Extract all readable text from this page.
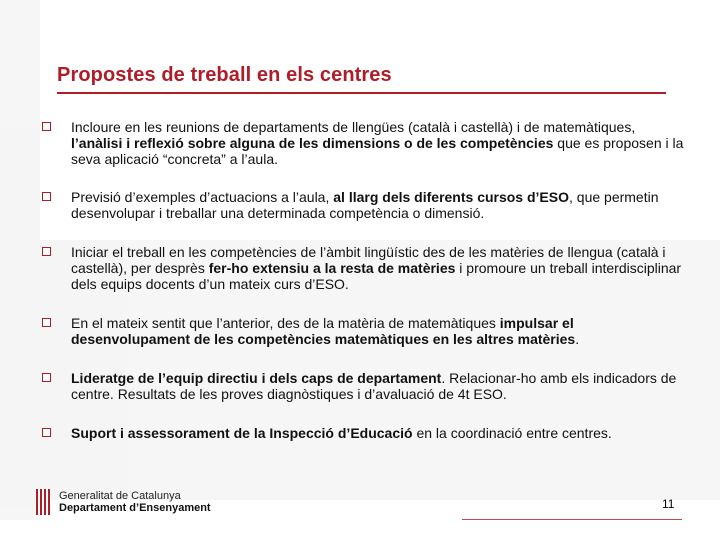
Propostes de treball en els centres
Incloure en les reunions de departaments de llengües (català i castellà) i de matemàtiques, l’anàlisi i reflexió sobre alguna de les dimensions o de les competències que es proposen i la seva aplicació “concreta” a l’aula.
Previsió d’exemples d’actuacions a l’aula, al llarg dels diferents cursos d’ESO, que permetin desenvolupar i treballar una determinada competència o dimensió.
Iniciar el treball en les competències de l’àmbit lingüístic des de les matèries de llengua (català i castellà), per desprès fer-ho extensiu a la resta de matèries i promoure un treball interdisciplinar dels equips docents d’un mateix curs d’ESO.
En el mateix sentit que l’anterior, des de la matèria de matemàtiques impulsar el desenvolupament de les competències matemàtiques en les altres matèries.
Lideratge de l’equip directiu i dels caps de departament. Relacionar-ho amb els indicadors de centre. Resultats de les proves diagnòstiques i d’avaluació de 4t ESO.
Suport i assessorament de la Inspecció d’Educació en la coordinació entre centres.
Generalitat de Catalunya
Departament d’Ensenyament	11
